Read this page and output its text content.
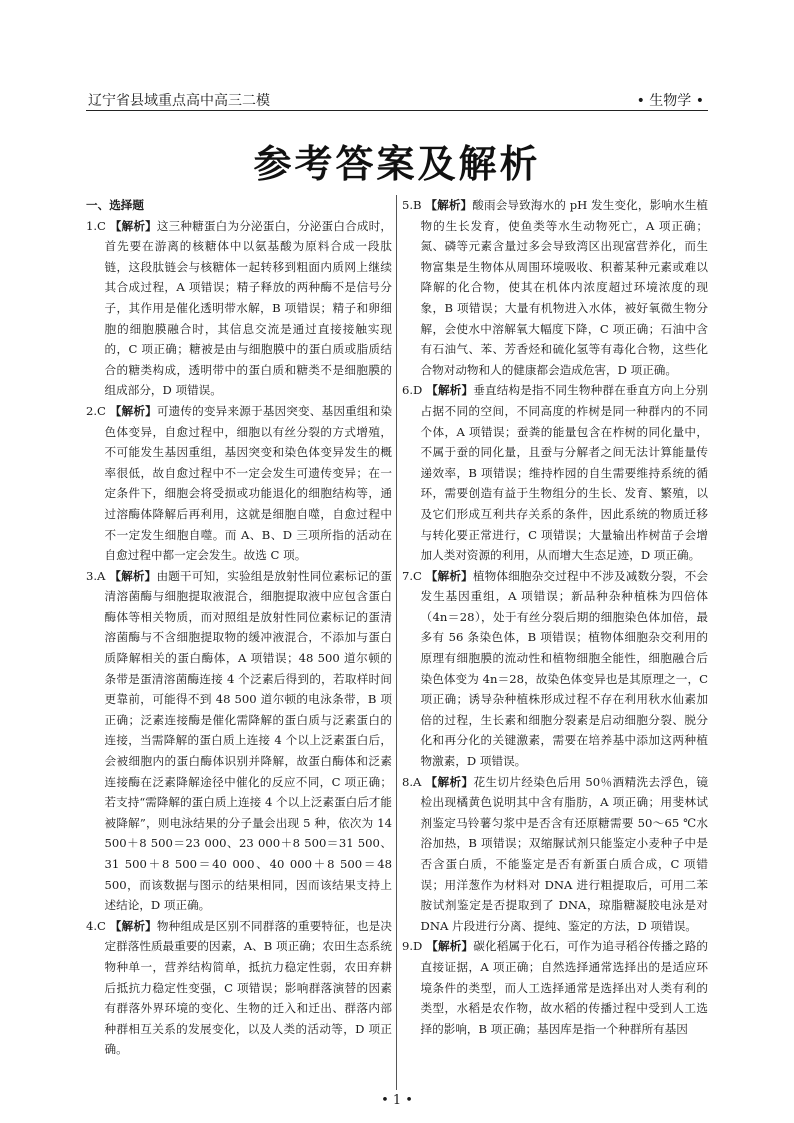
辽宁省县域重点高中高三二模	• 生物学 •
参考答案及解析
一、选择题

1.C 【解析】这三种糖蛋白为分泌蛋白，分泌蛋白合成时，首先要在游离的核糖体中以氨基酸为原料合成一段肽链，这段肽链会与核糖体一起转移到粗面内质网上继续其合成过程，A 项错误；精子释放的两种酶不是信号分子，其作用是催化透明带水解，B 项错误；精子和卵细胞的细胞膜融合时，其信息交流是通过直接接触实现的，C 项正确；糖被是由与细胞膜中的蛋白质或脂质结合的糖类构成，透明带中的蛋白质和糖类不是细胞膜的组成部分，D 项错误。

2.C 【解析】可遗传的变异来源于基因突变、基因重组和染色体变异，自愈过程中，细胞以有丝分裂的方式增殖，不可能发生基因重组，基因突变和染色体变异发生的概率很低，故自愈过程中不一定会发生可遗传变异；在一定条件下，细胞会将受损或功能退化的细胞结构等，通过溶酶体降解后再利用，这就是细胞自噬，自愈过程中不一定发生细胞自噬。而 A、B、D 三项所指的活动在自愈过程中都一定会发生。故选 C 项。

3.A 【解析】由题干可知，实验组是放射性同位素标记的蛋清溶菌酶与细胞提取液混合，细胞提取液中应包含蛋白酶体等相关物质，而对照组是放射性同位素标记的蛋清溶菌酶与不含细胞提取物的缓冲液混合，不添加与蛋白质降解相关的蛋白酶体，A 项错误；48 500 道尔顿的条带是蛋清溶菌酶连接 4 个泛素后得到的，若取样时间更靠前，可能得不到 48 500 道尔顿的电泳条带，B 项正确；泛素连接酶是催化需降解的蛋白质与泛素蛋白的连接，当需降解的蛋白质上连接 4 个以上泛素蛋白后，会被细胞内的蛋白酶体识别并降解，故蛋白酶体和泛素连接酶在泛素降解途径中催化的反应不同，C 项正确；若支持“需降解的蛋白质上连接 4 个以上泛素蛋白后才能被降解”，则电泳结果的分子量会出现 5 种，依次为 14 500＋8 500＝23 000、23 000＋8 500＝31 500、31 500＋8 500＝40 000、40 000＋8 500＝48 500，而该数据与图示的结果相同，因而该结果支持上述结论，D 项正确。

4.C 【解析】物种组成是区别不同群落的重要特征，也是决定群落性质最重要的因素，A、B 项正确；农田生态系统物种单一，营养结构简单，抵抗力稳定性弱，农田弃耕后抵抗力稳定性变强，C 项错误；影响群落演替的因素有群落外界环境的变化、生物的迁入和迁出、群落内部种群相互关系的发展变化，以及人类的活动等，D 项正确。

5.B 【解析】酸雨会导致海水的 pH 发生变化，影响水生植物的生长发育，使鱼类等水生动物死亡，A 项正确；氮、磷等元素含量过多会导致湾区出现富营养化，而生物富集是生物体从周围环境吸收、积蓄某种元素或难以降解的化合物，使其在机体内浓度超过环境浓度的现象，B 项错误；大量有机物进入水体，被好氧微生物分解，会使水中溶解氧大幅度下降，C 项正确；石油中含有石油气、苯、芳香烃和硫化氢等有毒化合物，这些化合物对动物和人的健康都会造成危害，D 项正确。

6.D 【解析】垂直结构是指不同生物种群在垂直方向上分别占据不同的空间，不同高度的柞树是同一种群内的不同个体，A 项错误；蚕粪的能量包含在柞树的同化量中，不属于蚕的同化量，且蚕与分解者之间无法计算能量传递效率，B 项错误；维持柞园的自生需要维持系统的循环，需要创造有益于生物组分的生长、发育、繁殖，以及它们形成互利共存关系的条件，因此系统的物质迁移与转化要正常进行，C 项错误；大量输出柞树苗子会增加人类对资源的利用，从而增大生态足迹，D 项正确。

7.C 【解析】植物体细胞杂交过程中不涉及减数分裂，不会发生基因重组，A 项错误；新品种杂种植株为四倍体（4n＝28），处于有丝分裂后期的细胞染色体加倍，最多有 56 条染色体，B 项错误；植物体细胞杂交利用的原理有细胞膜的流动性和植物细胞全能性，细胞融合后染色体变为 4n＝28，故染色体变异也是其原理之一，C 项正确；诱导杂种植株形成过程不存在利用秋水仙素加倍的过程，生长素和细胞分裂素是启动细胞分裂、脱分化和再分化的关键激素，需要在培养基中添加这两种植物激素，D 项错误。

8.A 【解析】花生切片经染色后用 50％酒精洗去浮色，镜检出现橘黄色说明其中含有脂肪，A 项正确；用斐林试剂鉴定马铃薯匀浆中是否含有还原糖需要 50～65 ℃水浴加热，B 项错误；双缩脲试剂只能鉴定小麦种子中是否含蛋白质，不能鉴定是否有新蛋白质合成，C 项错误；用洋葱作为材料对 DNA 进行粗提取后，可用二苯胺试剂鉴定是否提取到了 DNA，琼脂糖凝胶电泳是对 DNA 片段进行分离、提纯、鉴定的方法，D 项错误。

9.D 【解析】碳化稻属于化石，可作为追寻稻谷传播之路的直接证据，A 项正确；自然选择通常选择出的是适应环境条件的类型，而人工选择通常是选择出对人类有利的类型，水稻是农作物，故水稻的传播过程中受到人工选择的影响，B 项正确；基因库是指一个种群所有基因

• 1 •
